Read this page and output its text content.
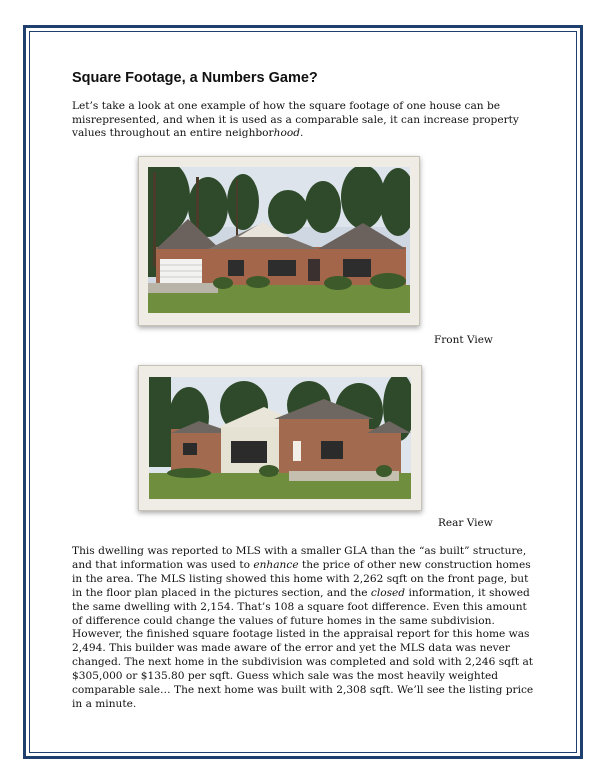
Square Footage, a Numbers Game?

Let’s take a look at one example of how the square footage of one house can be misrepresented, and when it is used as a comparable sale, it can increase property values throughout an entire neighborhood.

Front View
Rear View

This dwelling was reported to MLS with a smaller GLA than the “as built” structure, and that information was used to enhance the price of other new construction homes in the area. The MLS listing showed this home with 2,262 sqft on the front page, but in the floor plan placed in the pictures section, and the closed information, it showed the same dwelling with 2,154. That’s 108 a square foot difference. Even this amount of difference could change the values of future homes in the same subdivision. However, the finished square footage listed in the appraisal report for this home was 2,494. This builder was made aware of the error and yet the MLS data was never changed. The next home in the subdivision was completed and sold with 2,246 sqft at $305,000 or $135.80 per sqft. Guess which sale was the most heavily weighted comparable sale… The next home was built with 2,308 sqft. We’ll see the listing price in a minute.
